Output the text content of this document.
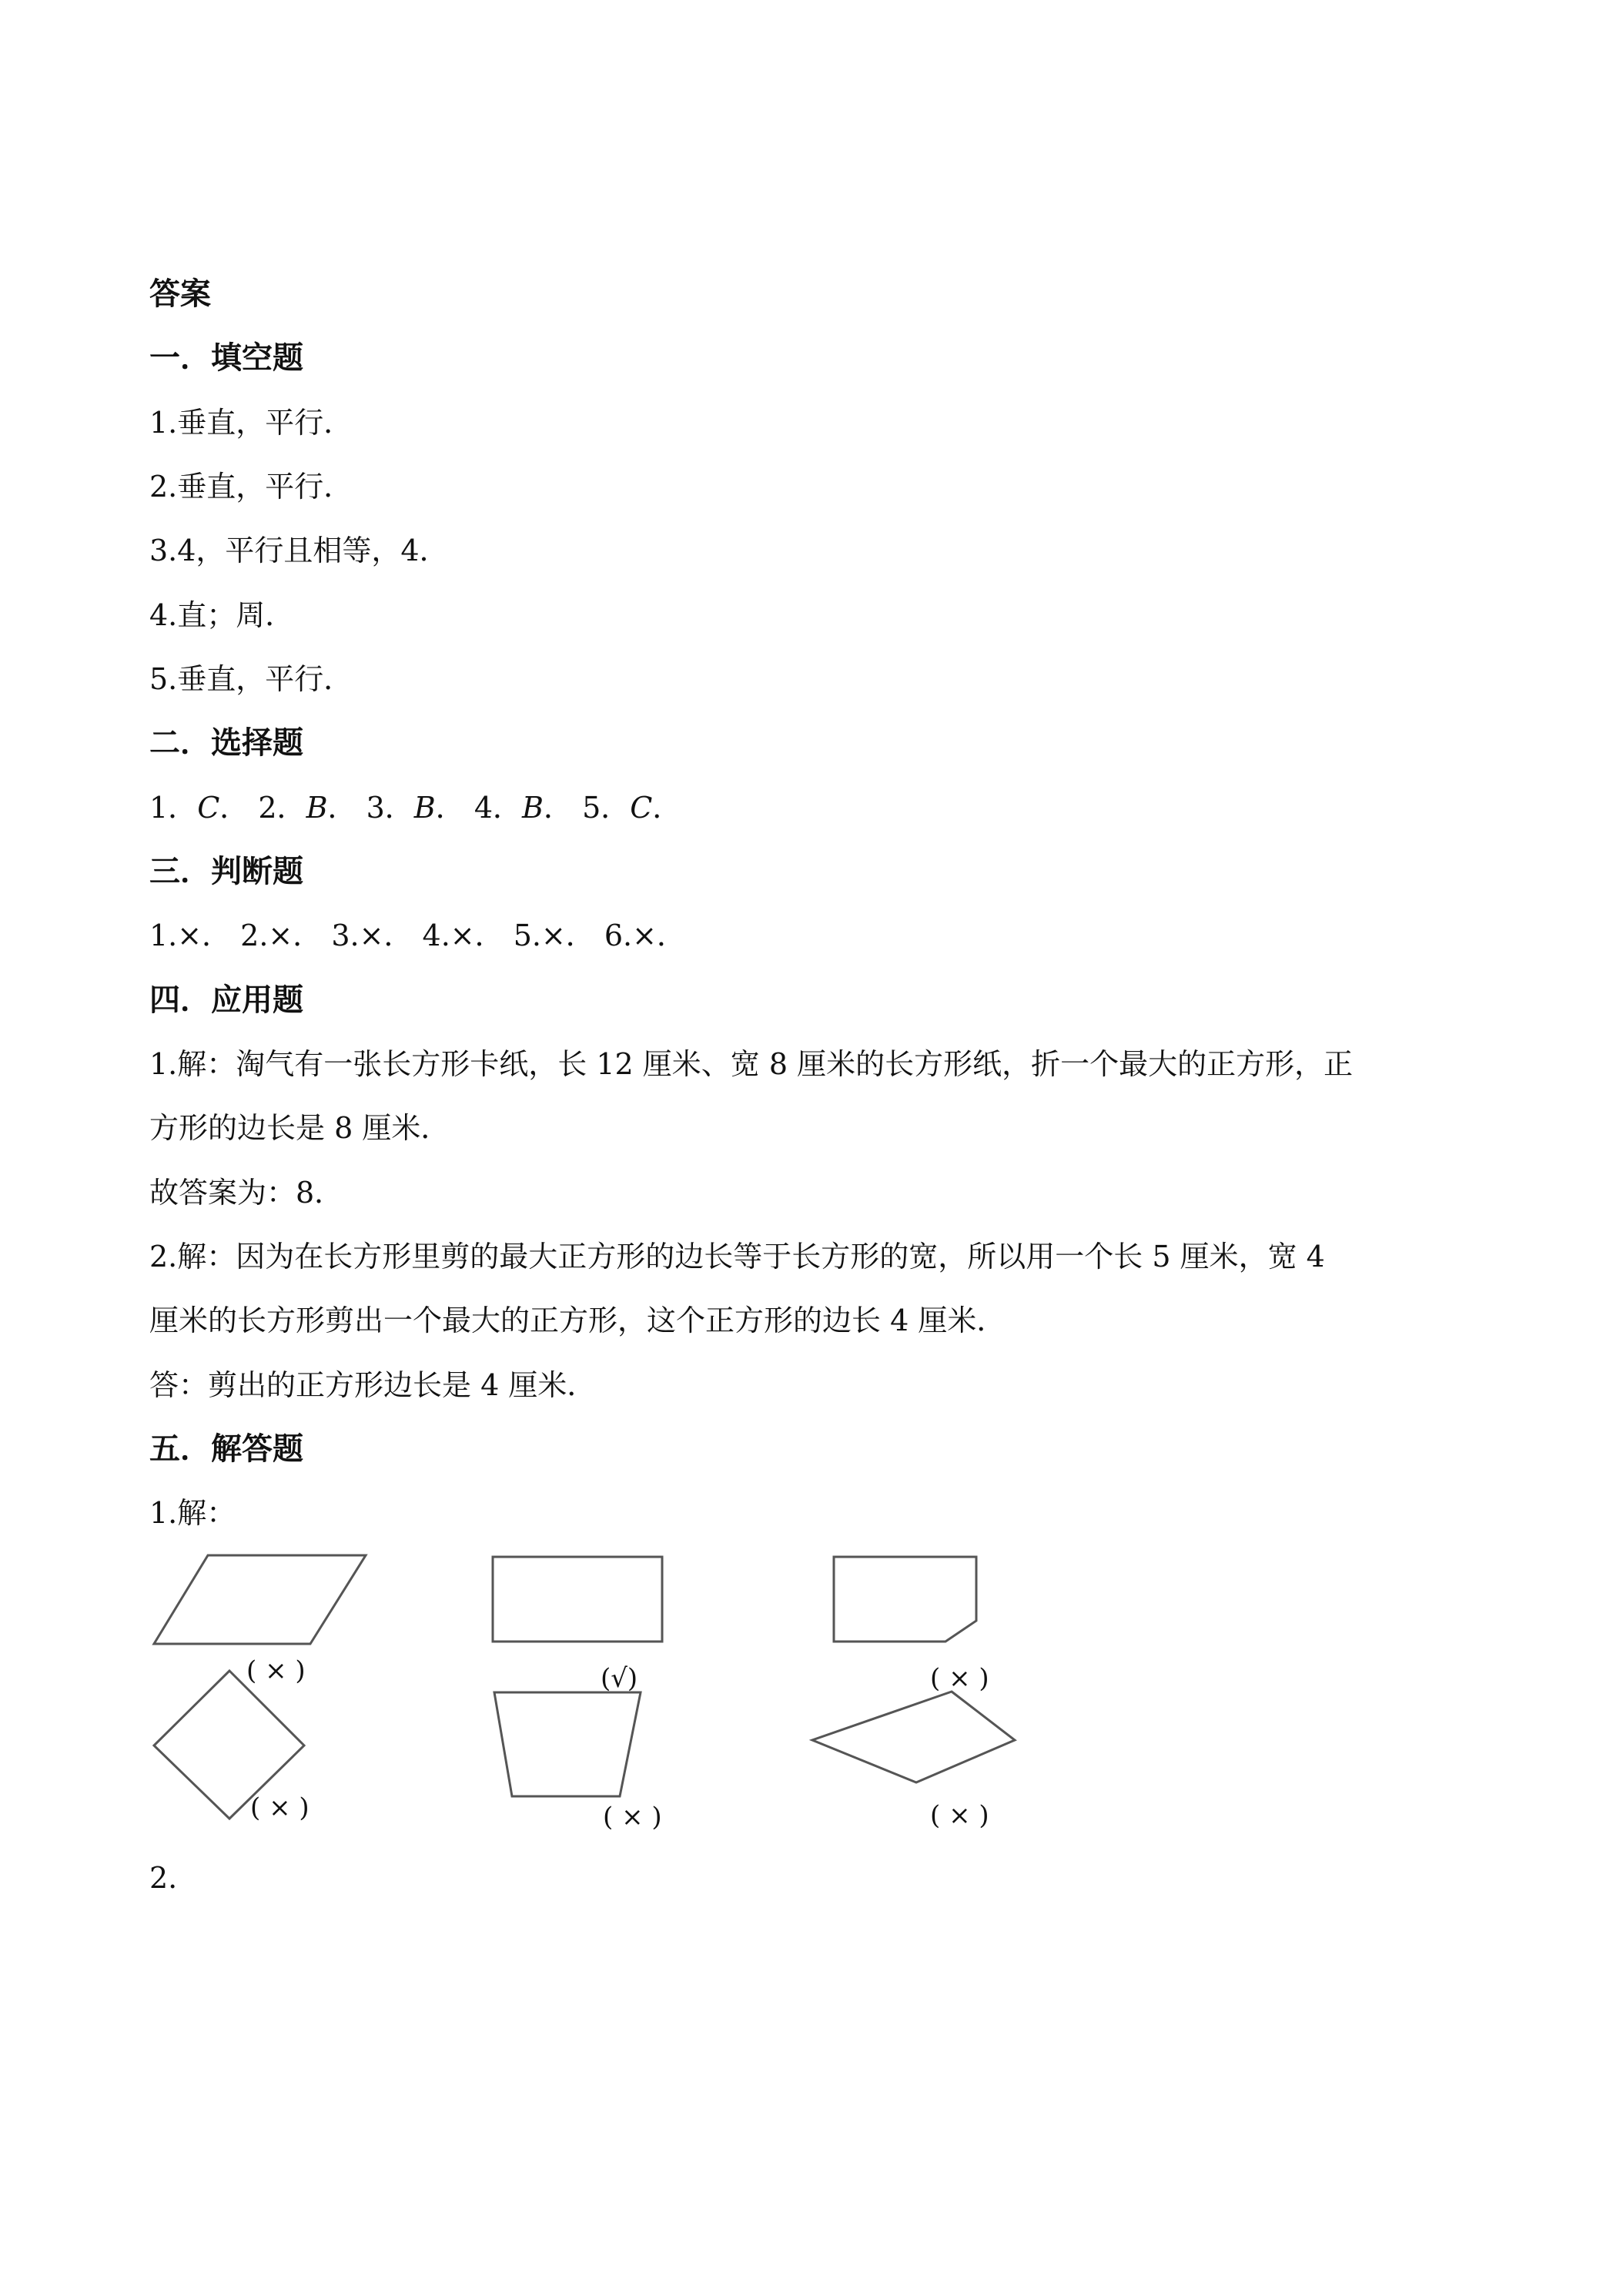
答案
一．填空题
1.垂直，平行．
2.垂直，平行．
3.4，平行且相等，4．
4.直；周．
5.垂直，平行．
二．选择题
1．C． 2．B． 3．B． 4．B． 5．C．
三．判断题
1.×． 2.×． 3.×． 4.×． 5.×． 6.×．
四．应用题
1.解：淘气有一张长方形卡纸，长 12 厘米、宽 8 厘米的长方形纸，折一个最大的正方形，正
方形的边长是 8 厘米．
故答案为：8．
2.解：因为在长方形里剪的最大正方形的边长等于长方形的宽，所以用一个长 5 厘米，宽 4
厘米的长方形剪出一个最大的正方形，这个正方形的边长 4 厘米．
答：剪出的正方形边长是 4 厘米．
五．解答题
1.解：
( × )	(√)	( × )
( × )	( × )	( × )
2.
